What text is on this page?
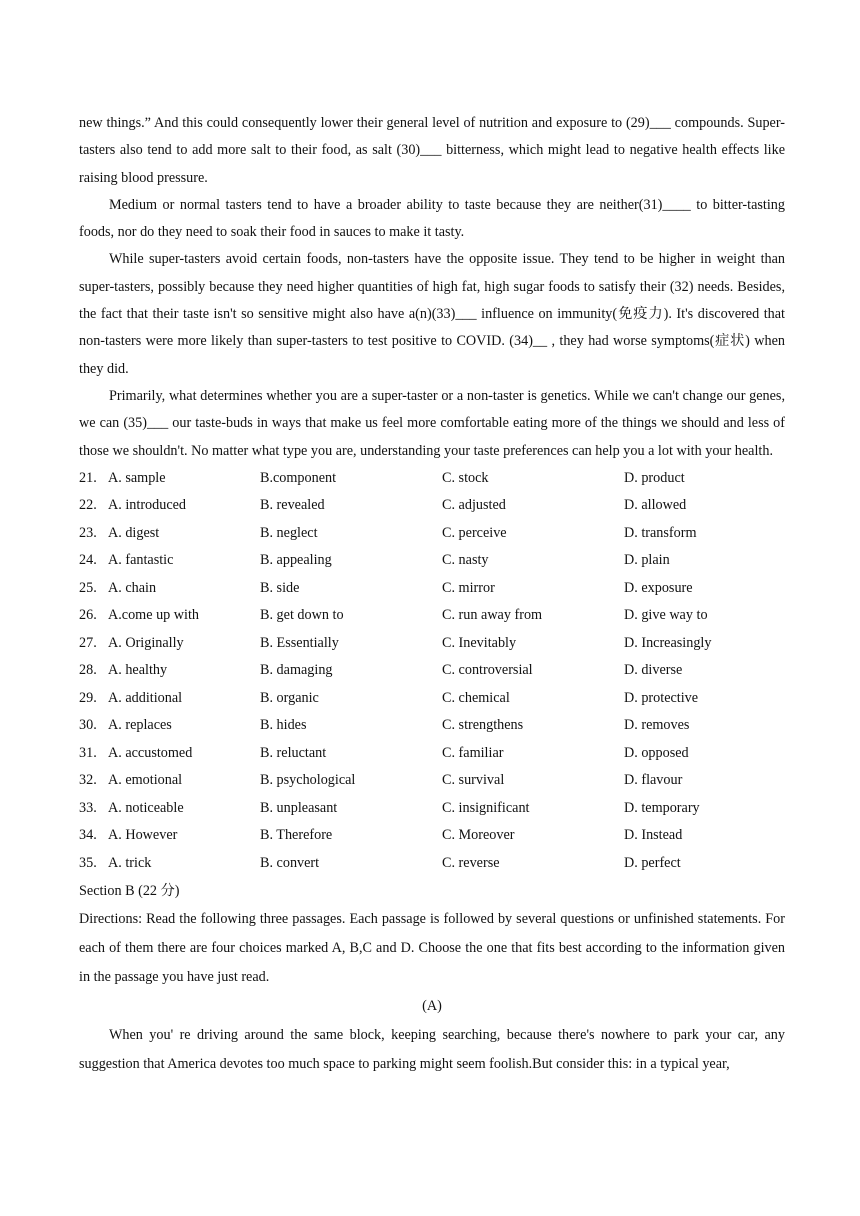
new things.” And this could consequently lower their general level of nutrition and exposure to (29)___ compounds. Super-tasters also tend to add more salt to their food, as salt (30)___ bitterness, which might lead to negative health effects like raising blood pressure.

Medium or normal tasters tend to have a broader ability to taste because they are neither(31)____ to bitter-tasting foods, nor do they need to soak their food in sauces to make it tasty.

While super-tasters avoid certain foods, non-tasters have the opposite issue. They tend to be higher in weight than super-tasters, possibly because they need higher quantities of high fat, high sugar foods to satisfy their (32) needs. Besides, the fact that their taste isn't so sensitive might also have a(n)(33)___ influence on immunity(免疫力). It's discovered that non-tasters were more likely than super-tasters to test positive to COVID. (34)__ , they had worse symptoms(症状) when they did.

Primarily, what determines whether you are a super-taster or a non-taster is genetics. While we can't change our genes, we can (35)___ our taste-buds in ways that make us feel more comfortable eating more of the things we should and less of those we shouldn't. No matter what type you are, understanding your taste preferences can help you a lot with your health.

21. A. sample	B.component	C. stock	D. product
22. A. introduced	B. revealed	C. adjusted	D. allowed
23. A. digest	B. neglect	C. perceive	D. transform
24. A. fantastic	B. appealing	C. nasty	D. plain
25. A. chain	B. side	C. mirror	D. exposure
26. A.come up with	B. get down to	C. run away from	D. give way to
27. A. Originally	B. Essentially	C. Inevitably	D. Increasingly
28. A. healthy	B. damaging	C. controversial	D. diverse
29. A. additional	B. organic	C. chemical	D. protective
30. A. replaces	B. hides	C. strengthens	D. removes
31. A. accustomed	B. reluctant	C. familiar	D. opposed
32. A. emotional	B. psychological	C. survival	D. flavour
33. A. noticeable	B. unpleasant	C. insignificant	D. temporary
34. A. However	B. Therefore	C. Moreover	D. Instead
35. A. trick	B. convert	C. reverse	D. perfect
Section B (22 分)

Directions: Read the following three passages. Each passage is followed by several questions or unfinished statements. For each of them there are four choices marked A, B,C and D. Choose the one that fits best according to the information given in the passage you have just read.

(A)

When you' re driving around the same block, keeping searching, because there's nowhere to park your car, any suggestion that America devotes too much space to parking might seem foolish.But consider this: in a typical year,
